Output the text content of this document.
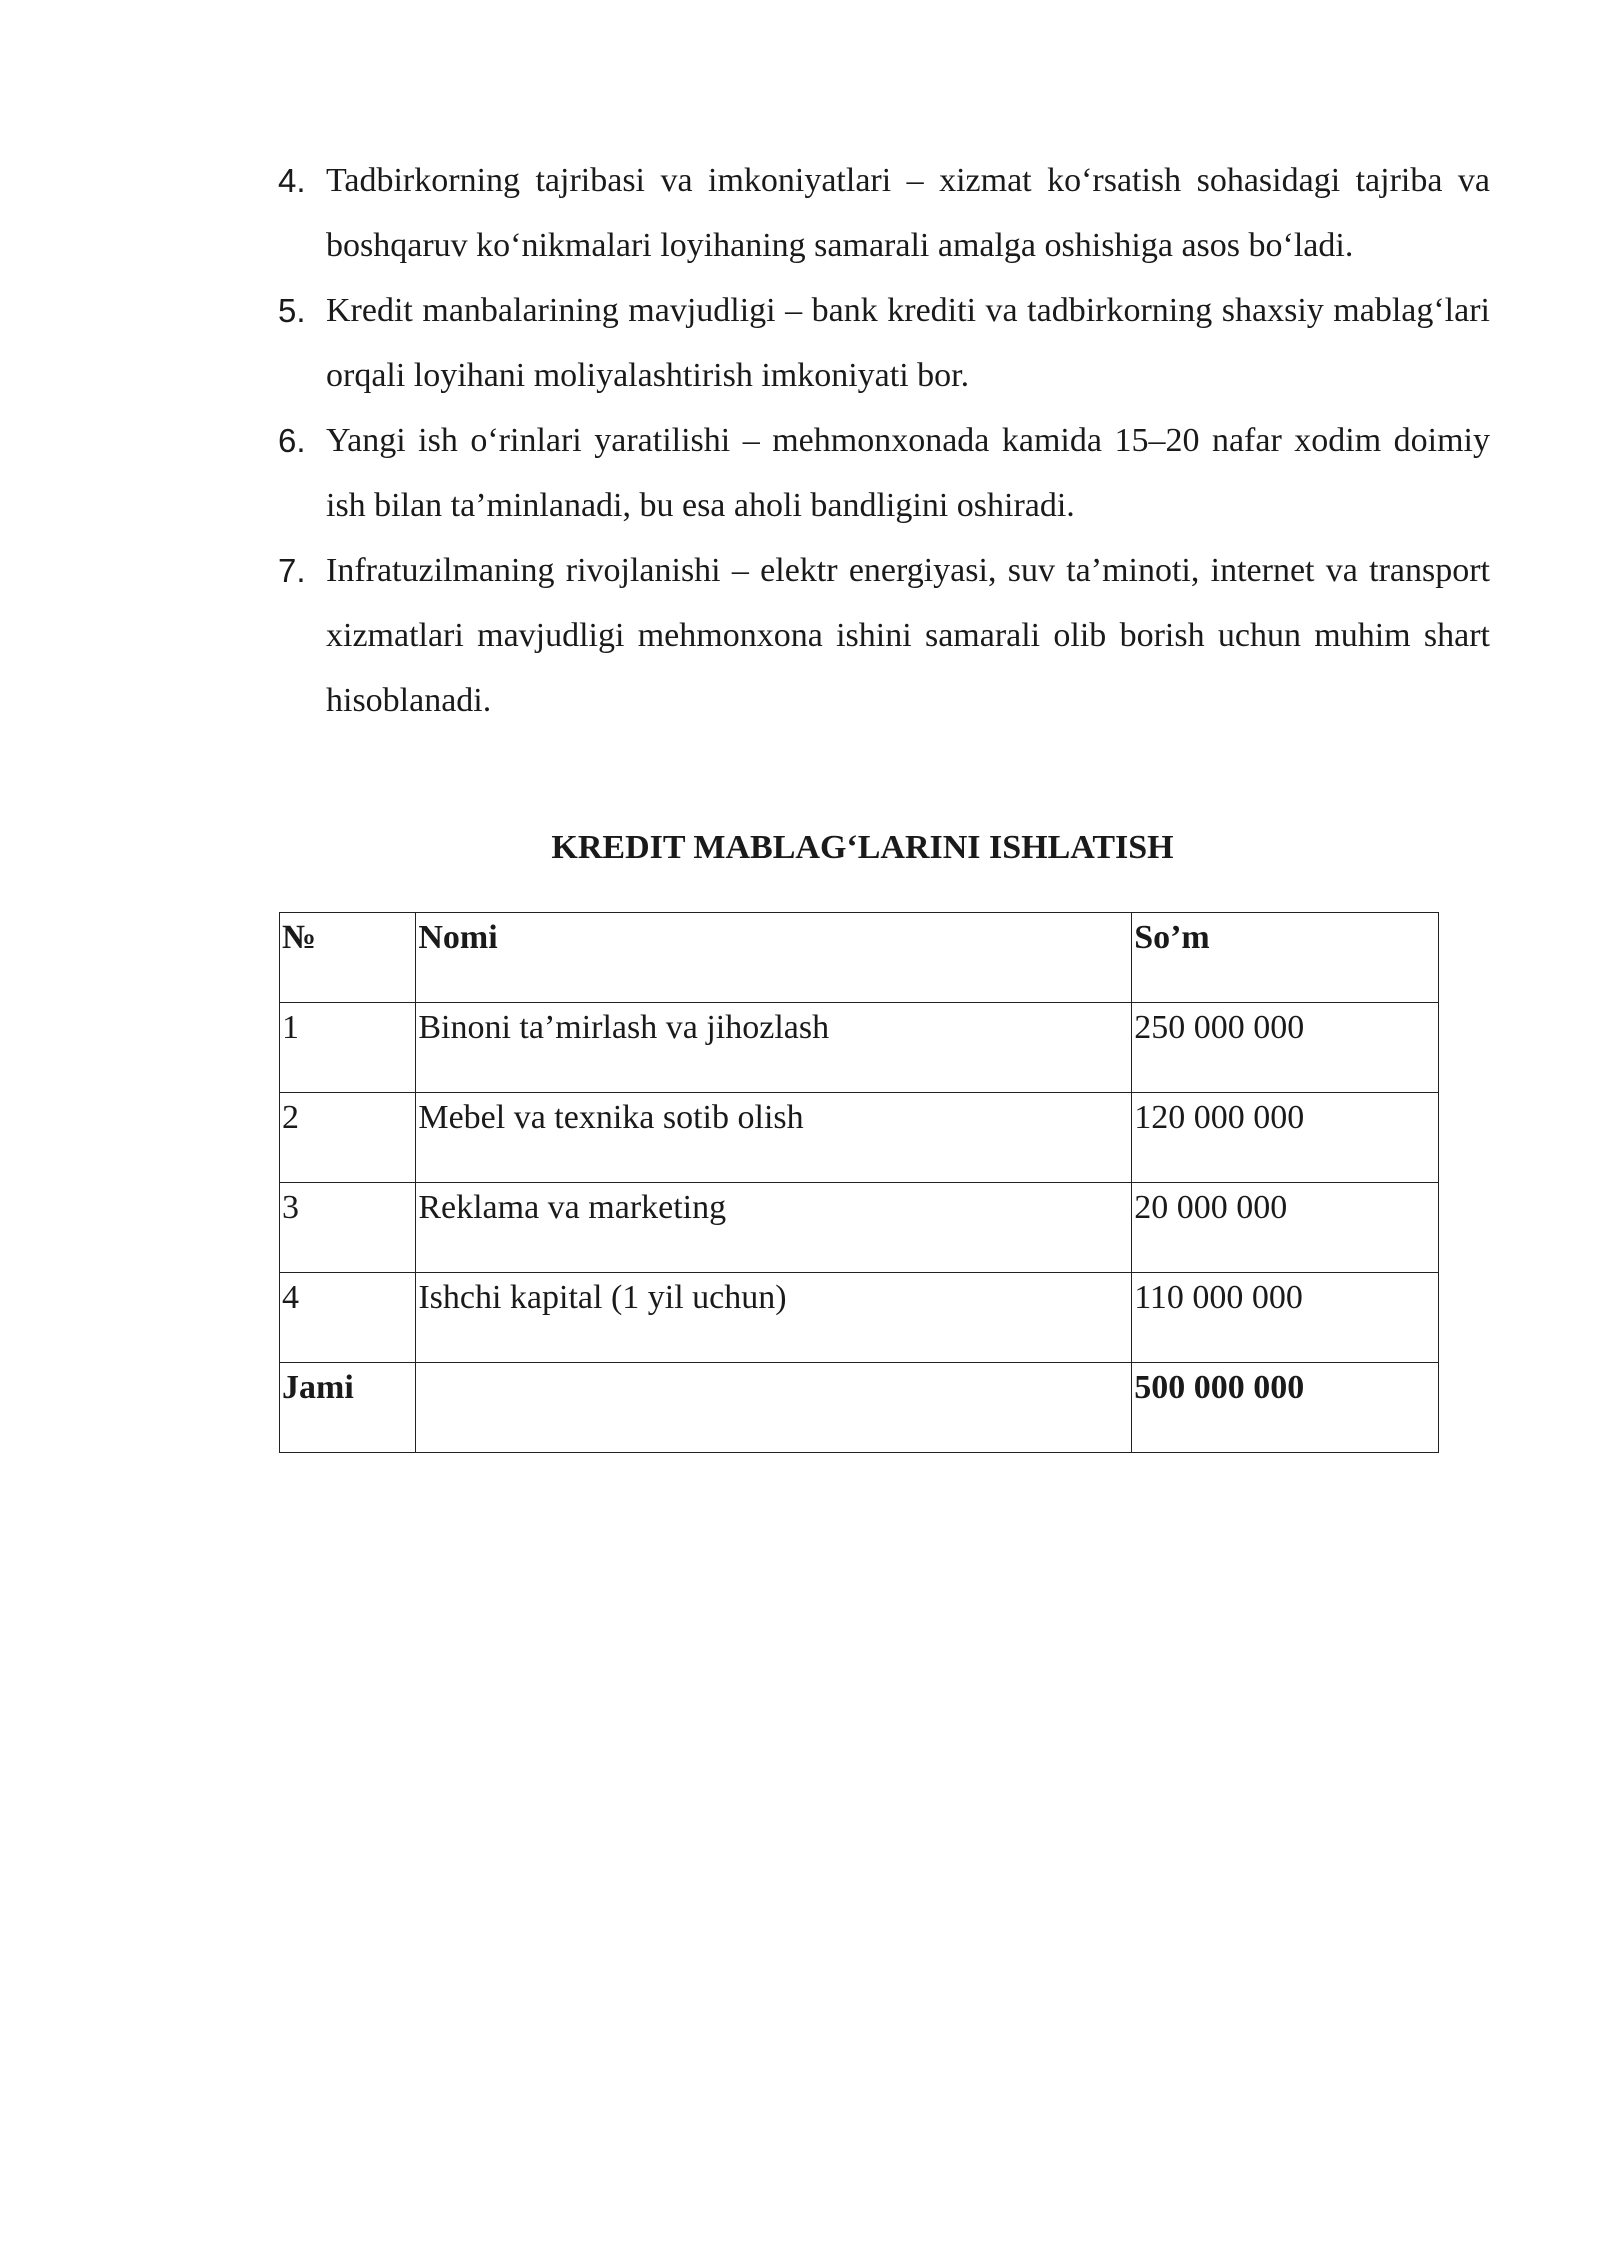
4. Tadbirkorning tajribasi va imkoniyatlari – xizmat ko‘rsatish sohasidagi tajriba va boshqaruv ko‘nikmalari loyihaning samarali amalga oshishiga asos bo‘ladi.
5. Kredit manbalarining mavjudligi – bank krediti va tadbirkorning shaxsiy mablag‘lari orqali loyihani moliyalashtirish imkoniyati bor.
6. Yangi ish o‘rinlari yaratilishi – mehmonxonada kamida 15–20 nafar xodim doimiy ish bilan ta’minlanadi, bu esa aholi bandligini oshiradi.
7. Infratuzilmaning rivojlanishi – elektr energiyasi, suv ta’minoti, internet va transport xizmatlari mavjudligi mehmonxona ishini samarali olib borish uchun muhim shart hisoblanadi.
KREDIT MABLAG‘LARINI ISHLATISH
№	Nomi	So’m
1	Binoni ta’mirlash va jihozlash	250 000 000
2	Mebel va texnika sotib olish	120 000 000
3	Reklama va marketing	20 000 000
4	Ishchi kapital (1 yil uchun)	110 000 000
Jami		500 000 000
